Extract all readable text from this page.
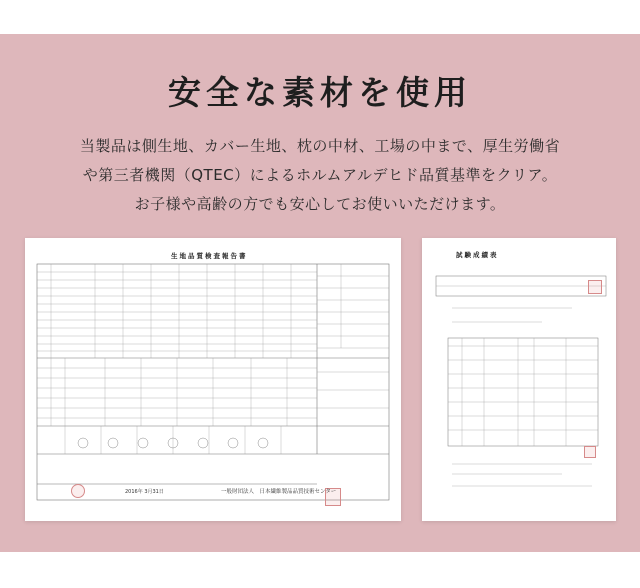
安全な素材を使用
当製品は側生地、カバー生地、枕の中材、工場の中まで、厚生労働省
や第三者機関（QTEC）によるホルムアルデヒド品質基準をクリア。
お子様や高齢の方でも安心してお使いいただけます。
生地品質検査報告書
2016年 3月31日	一般財団法人　日本繊維製品品質技術センター
試験成績表
